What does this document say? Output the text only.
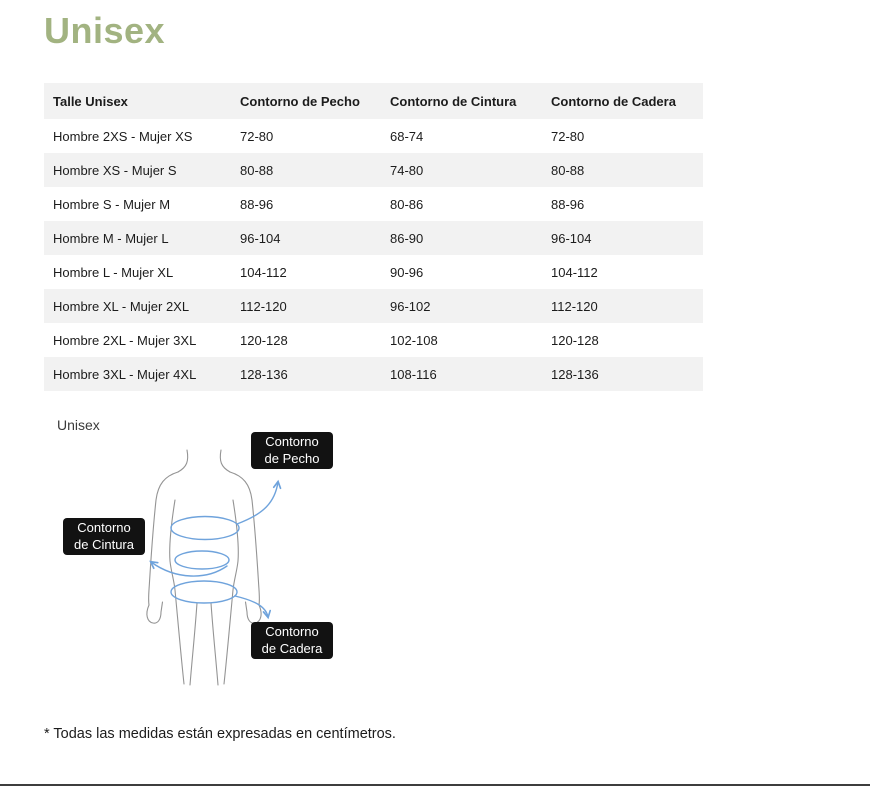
Unisex
Talle Unisex	Contorno de Pecho	Contorno de Cintura	Contorno de Cadera
Hombre 2XS - Mujer XS	72-80	68-74	72-80
Hombre XS - Mujer S	80-88	74-80	80-88
Hombre S - Mujer M	88-96	80-86	88-96
Hombre M - Mujer L	96-104	86-90	96-104
Hombre L - Mujer XL	104-112	90-96	104-112
Hombre XL - Mujer 2XL	112-120	96-102	112-120
Hombre 2XL - Mujer 3XL	120-128	102-108	120-128
Hombre 3XL - Mujer 4XL	128-136	108-116	128-136
Unisex
Contorno
de Pecho
Contorno
de Cintura
Contorno
de Cadera

* Todas las medidas están expresadas en centímetros.
